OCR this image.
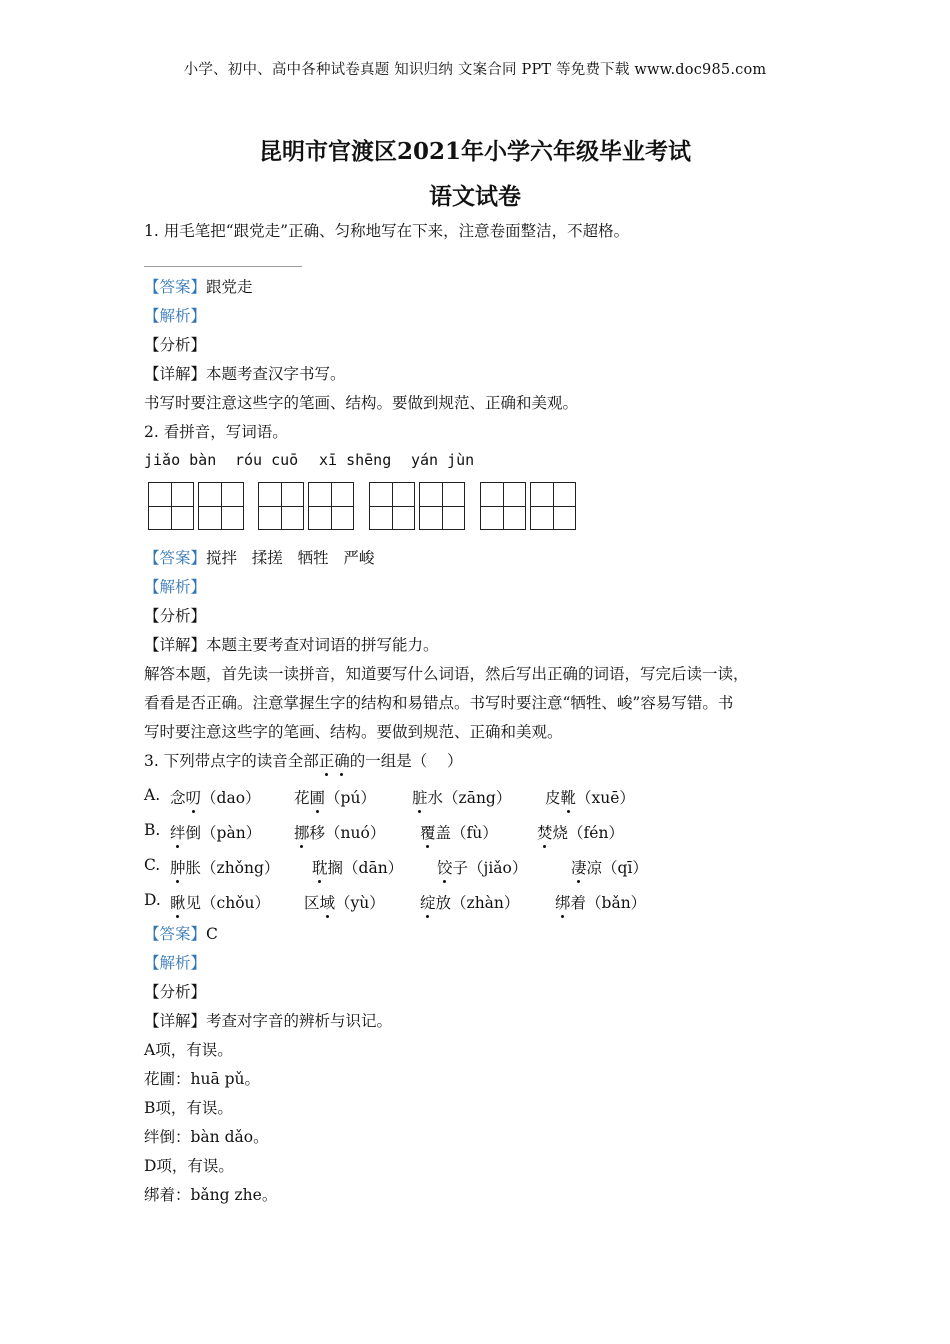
小学、初中、高中各种试卷真题 知识归纳 文案合同 PPT 等免费下载 www.doc985.com
昆明市官渡区2021年小学六年级毕业考试
语文试卷
1. 用毛笔把“跟党走”正确、匀称地写在下来，注意卷面整洁，不超格。
【答案】跟党走
【解析】
【分析】
【详解】本题考查汉字书写。
书写时要注意这些字的笔画、结构。要做到规范、正确和美观。
2. 看拼音，写词语。
jiǎo bàn róu cuō xī shēng yán jùn
【答案】搅拌   揉搓   牺牲   严峻
【解析】
【分析】
【详解】本题主要考查对词语的拼写能力。
解答本题，首先读一读拼音，知道要写什么词语，然后写出正确的词语，写完后读一读，
看看是否正确。注意掌握生字的结构和易错点。书写时要注意“牺牲、峻”容易写错。书
写时要注意这些字的笔画、结构。要做到规范、正确和美观。
3. 下列带点字的读音全部正确的一组是（    ）
A. 念叨（dao） 花圃（pú） 脏水（zāng） 皮靴（xuē）
B. 绊倒（pàn） 挪移（nuó） 覆盖（fù）	焚烧（fén）
C. 肿胀（zhǒng） 耽搁（dān） 饺子（jiǎo）	凄凉（qī）
D. 瞅见（chǒu） 区域（yù） 绽放（zhàn） 绑着（bǎn）
【答案】C
【解析】
【分析】
【详解】考查对字音的辨析与识记。
A项，有误。
花圃：huā pǔ。
B项，有误。
绊倒：bàn dǎo。
D项，有误。
绑着：bǎng zhe。
